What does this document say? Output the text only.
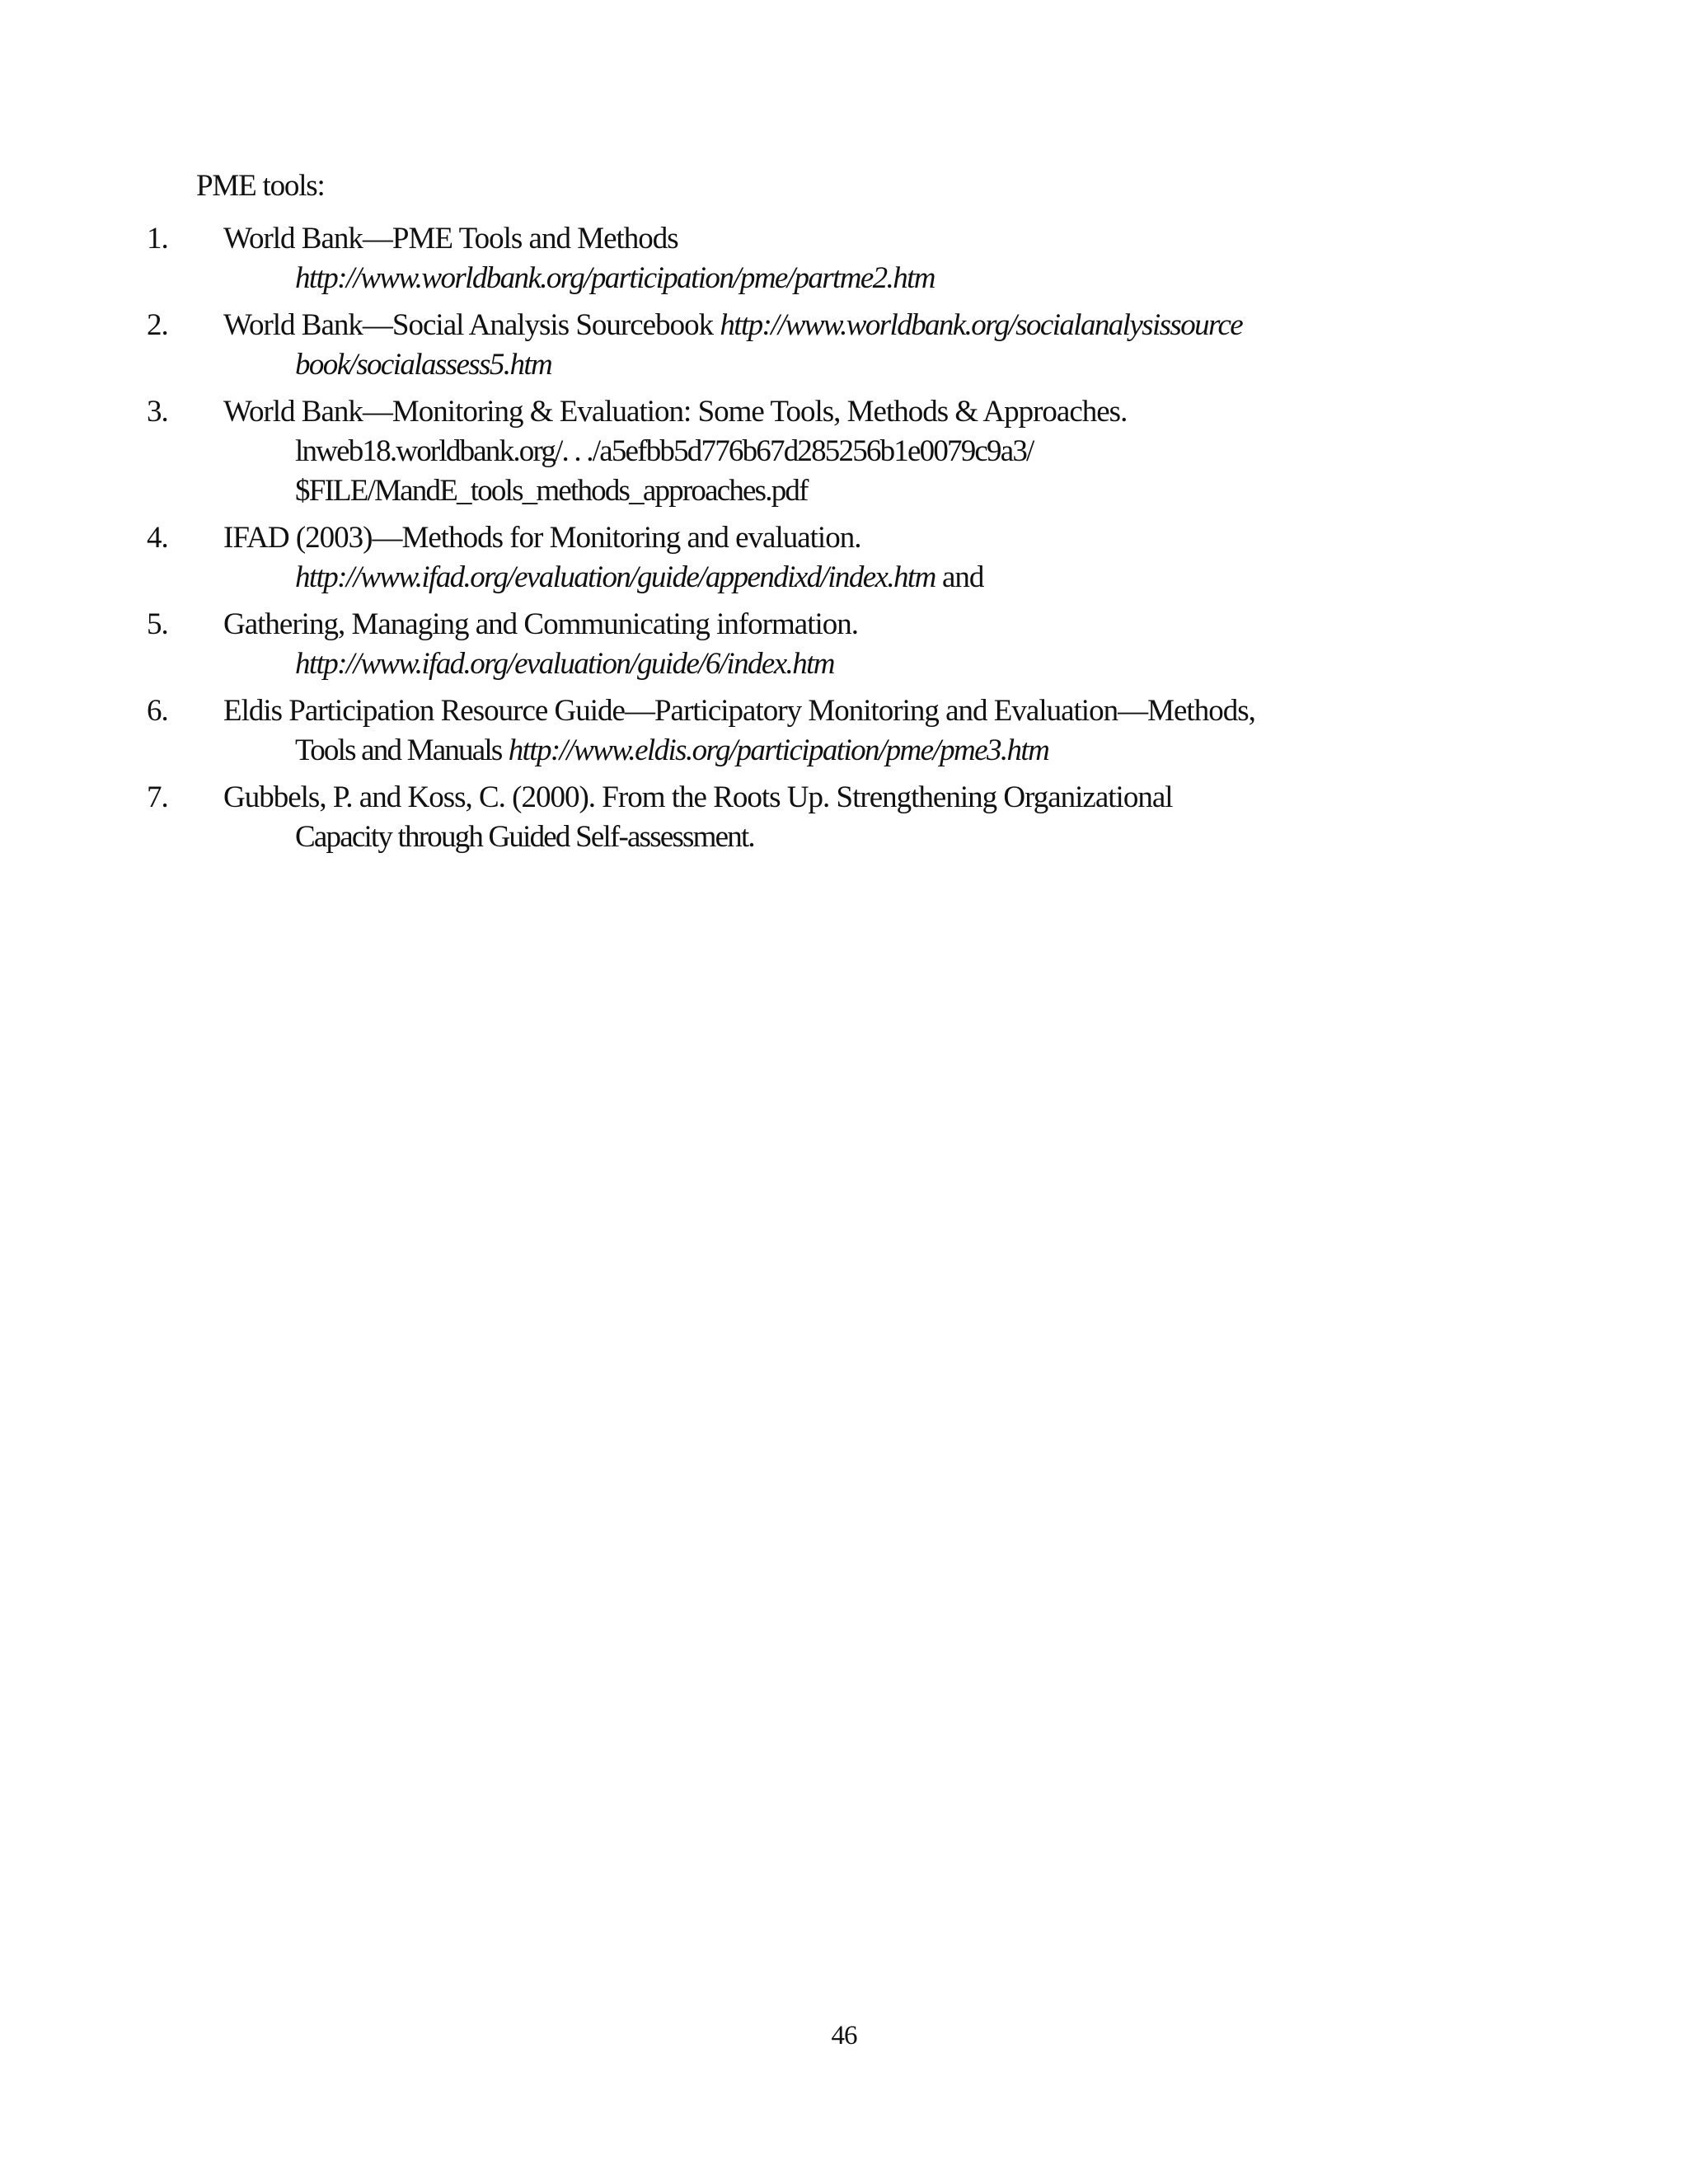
PME tools:
1. World Bank—PME Tools and Methods
http://www.worldbank.org/participation/pme/partme2.htm
2. World Bank—Social Analysis Sourcebook http://www.worldbank.org/socialanalysissource
book/socialassess5.htm
3. World Bank—Monitoring & Evaluation: Some Tools, Methods & Approaches.
lnweb18.worldbank.org/. . ./a5efbb5d776b67d285256b1e0079c9a3/
$FILE/MandE_tools_methods_approaches.pdf
4. IFAD (2003)—Methods for Monitoring and evaluation.
http://www.ifad.org/evaluation/guide/appendixd/index.htm and
5. Gathering, Managing and Communicating information.
http://www.ifad.org/evaluation/guide/6/index.htm
6. Eldis Participation Resource Guide—Participatory Monitoring and Evaluation—Methods,
Tools and Manuals http://www.eldis.org/participation/pme/pme3.htm
7. Gubbels, P. and Koss, C. (2000). From the Roots Up. Strengthening Organizational
Capacity through Guided Self-assessment.
46
